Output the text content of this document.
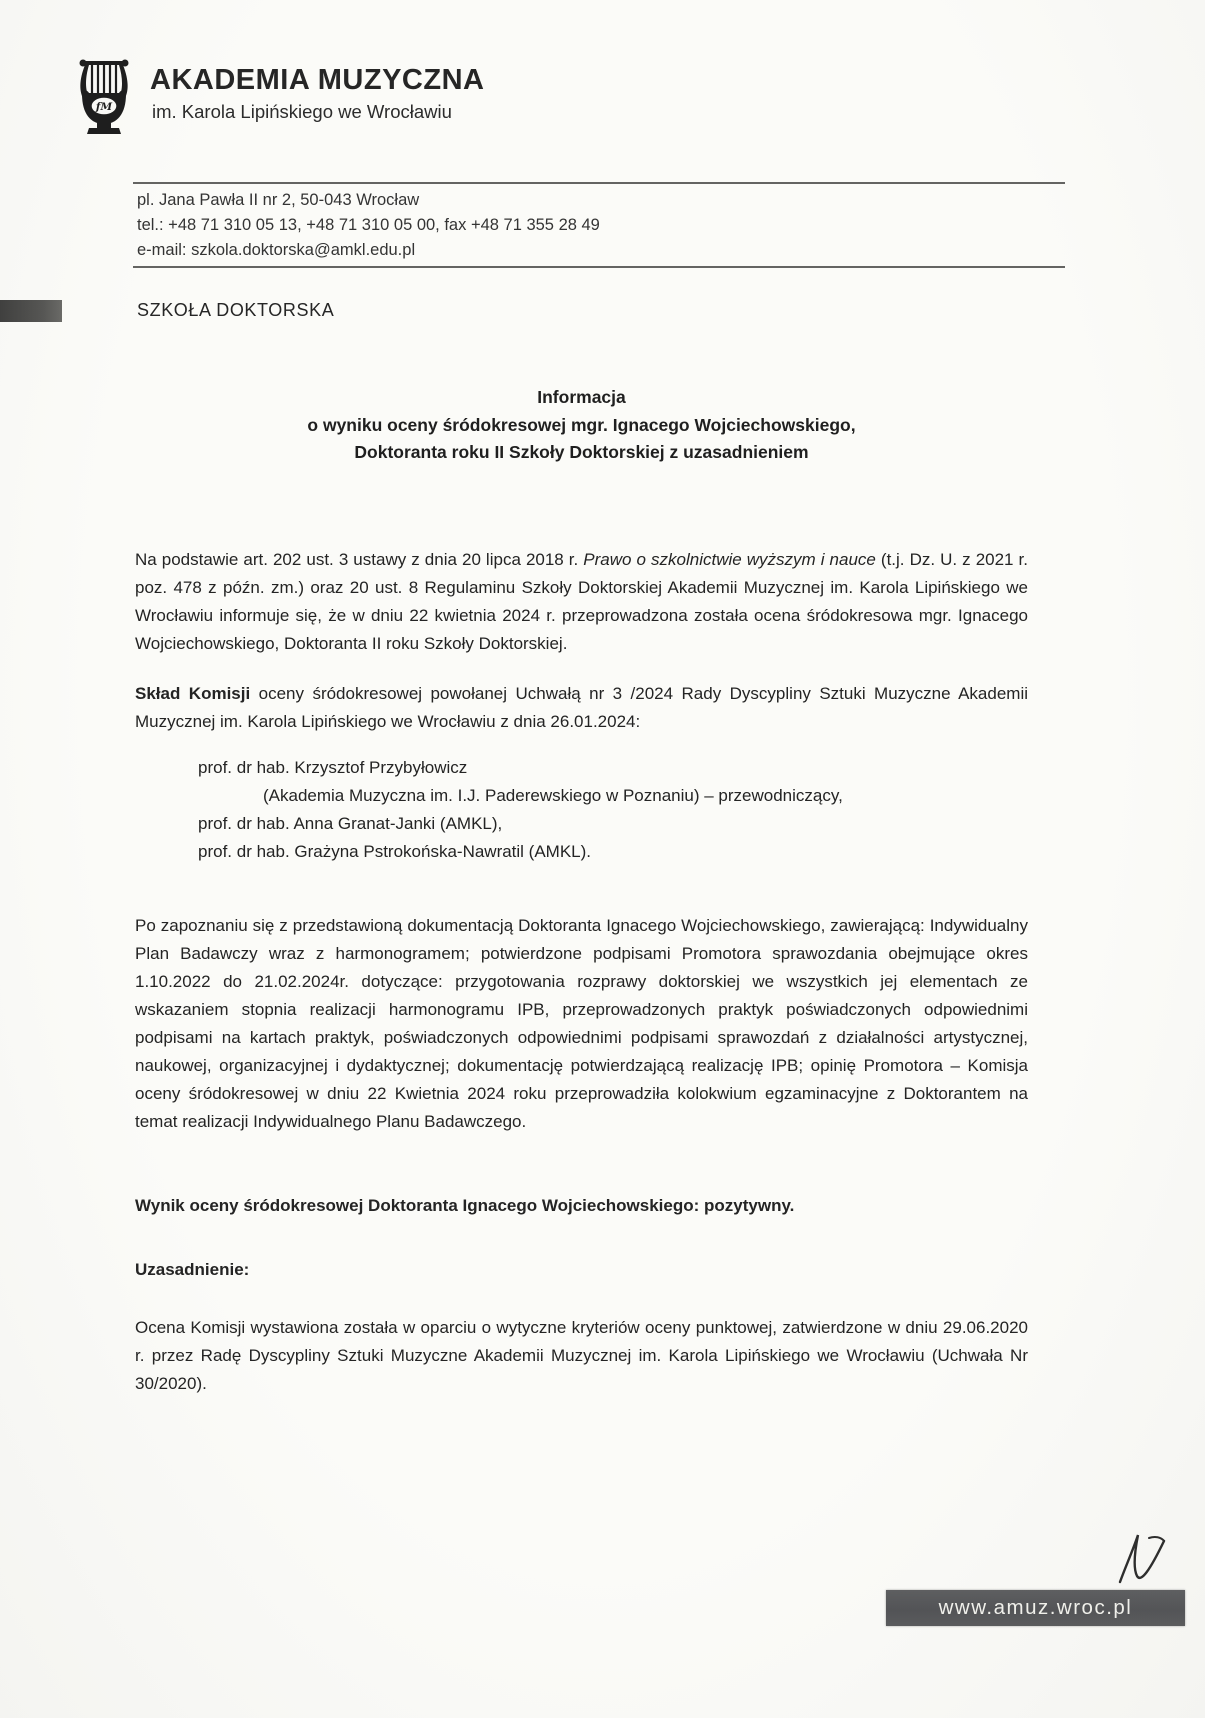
fM
AKADEMIA MUZYCZNA
im. Karola Lipińskiego we Wrocławiu
pl. Jana Pawła II nr 2, 50-043 Wrocław
tel.: +48 71 310 05 13, +48 71 310 05 00, fax +48 71 355 28 49
e-mail: szkola.doktorska@amkl.edu.pl
SZKOŁA DOKTORSKA
Informacja
o wyniku oceny śródokresowej mgr. Ignacego Wojciechowskiego,
Doktoranta roku II Szkoły Doktorskiej z uzasadnieniem

Na podstawie art. 202 ust. 3 ustawy z dnia 20 lipca 2018 r. Prawo o szkolnictwie wyższym i nauce (t.j. Dz. U. z 2021 r. poz. 478 z późn. zm.) oraz 20 ust. 8 Regulaminu Szkoły Doktorskiej Akademii Muzycznej im. Karola Lipińskiego we Wrocławiu informuje się, że w dniu 22 kwietnia 2024 r. przeprowadzona została ocena śródokresowa mgr. Ignacego Wojciechowskiego, Doktoranta II roku Szkoły Doktorskiej.

Skład Komisji oceny śródokresowej powołanej Uchwałą nr 3 /2024 Rady Dyscypliny Sztuki Muzyczne Akademii Muzycznej im. Karola Lipińskiego we Wrocławiu z dnia 26.01.2024:

prof. dr hab. Krzysztof Przybyłowicz
(Akademia Muzyczna im. I.J. Paderewskiego w Poznaniu) – przewodniczący,
prof. dr hab. Anna Granat-Janki (AMKL),
prof. dr hab. Grażyna Pstrokońska-Nawratil (AMKL).

Po zapoznaniu się z przedstawioną dokumentacją Doktoranta Ignacego Wojciechowskiego, zawierającą: Indywidualny Plan Badawczy wraz z harmonogramem; potwierdzone podpisami Promotora sprawozdania obejmujące okres 1.10.2022 do 21.02.2024r. dotyczące: przygotowania rozprawy doktorskiej we wszystkich jej elementach ze wskazaniem stopnia realizacji harmonogramu IPB, przeprowadzonych praktyk poświadczonych odpowiednimi podpisami na kartach praktyk, poświadczonych odpowiednimi podpisami sprawozdań z działalności artystycznej, naukowej, organizacyjnej i dydaktycznej; dokumentację potwierdzającą realizację IPB; opinię Promotora – Komisja oceny śródokresowej w dniu 22 Kwietnia 2024 roku przeprowadziła kolokwium egzaminacyjne z Doktorantem na temat realizacji Indywidualnego Planu Badawczego.

Wynik oceny śródokresowej Doktoranta Ignacego Wojciechowskiego: pozytywny.

Uzasadnienie:

Ocena Komisji wystawiona została w oparciu o wytyczne kryteriów oceny punktowej, zatwierdzone w dniu 29.06.2020 r. przez Radę Dyscypliny Sztuki Muzyczne Akademii Muzycznej im. Karola Lipińskiego we Wrocławiu (Uchwała Nr 30/2020).

www.amuz.wroc.pl
